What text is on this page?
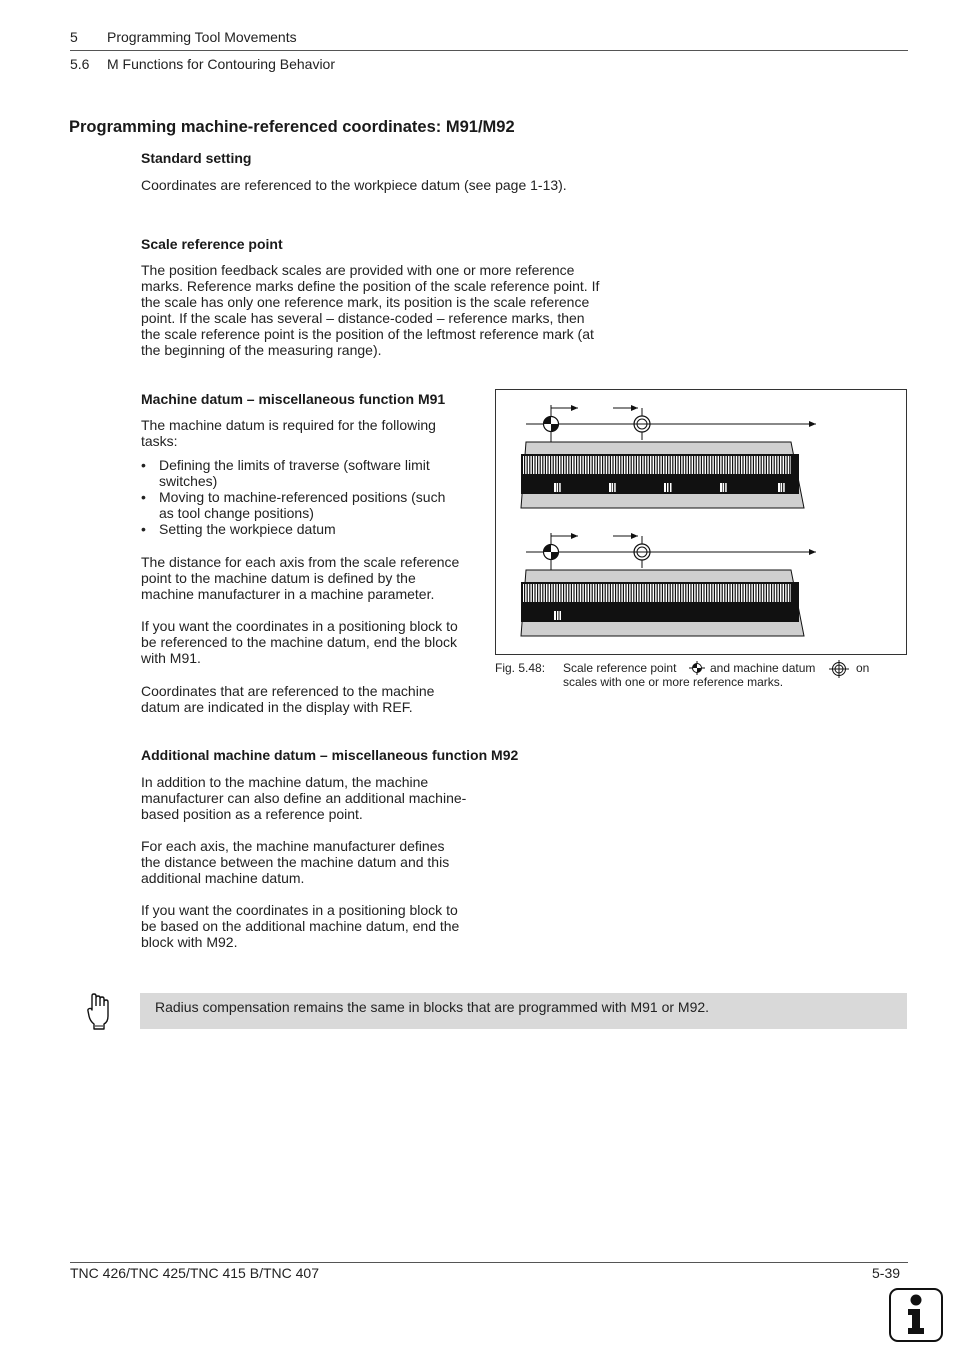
5 Programming Tool Movements
5.6 M Functions for Contouring Behavior
Programming machine-referenced coordinates: M91/M92
Standard setting

Coordinates are referenced to the workpiece datum (see page 1-13).

Scale reference point
The position feedback scales are provided with one or more reference
marks. Reference marks define the position of the scale reference point. If
the scale has only one reference mark, its position is the scale reference
point. If the scale has several – distance-coded – reference marks, then
the scale reference point is the position of the leftmost reference mark (at
the beginning of the measuring range).
Machine datum – miscellaneous function M91
The machine datum is required for the following
tasks:
• Defining the limits of traverse (software limit
switches)
• Moving to machine-referenced positions (such
as tool change positions)
• Setting the workpiece datum
The distance for each axis from the scale reference
point to the machine datum is defined by the
machine manufacturer in a machine parameter.
If you want the coordinates in a positioning block to
be referenced to the machine datum, end the block
with M91.
Coordinates that are referenced to the machine
datum are indicated in the display with REF.
Fig. 5.48: Scale reference point	and machine datum	on
scales with one or more reference marks.
Additional machine datum – miscellaneous function M92
In addition to the machine datum, the machine
manufacturer can also define an additional machine-
based position as a reference point.
For each axis, the machine manufacturer defines
the distance between the machine datum and this
additional machine datum.
If you want the coordinates in a positioning block to
be based on the additional machine datum, end the
block with M92.
Radius compensation remains the same in blocks that are programmed with M91 or M92.
TNC 426/TNC 425/TNC 415 B/TNC 407	5-39
